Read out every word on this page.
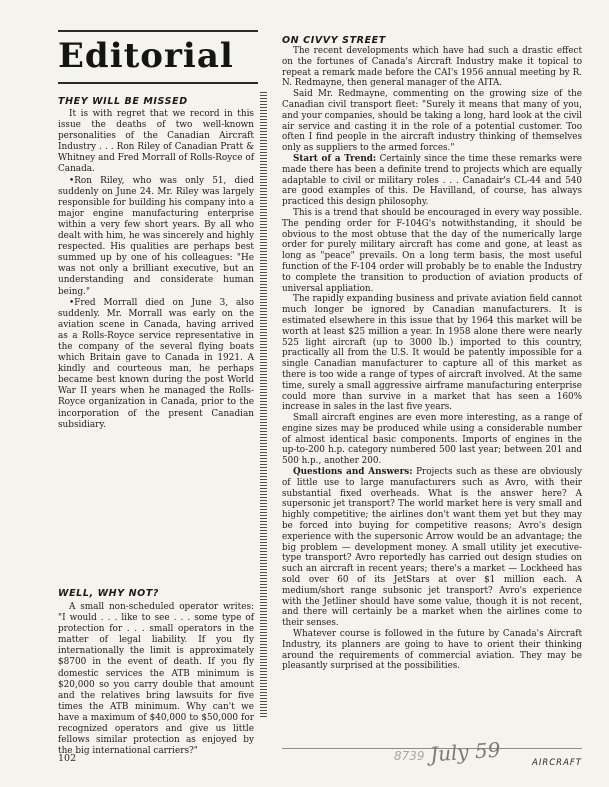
Editorial
THEY WILL BE MISSED

It is with regret that we record in this issue the deaths of two well-known personalities of the Canadian Aircraft Industry . . . Ron Riley of Canadian Pratt & Whitney and Fred Morrall of Rolls-Royce of Canada.

•Ron Riley, who was only 51, died suddenly on June 24. Mr. Riley was largely responsible for building his company into a major engine manufacturing enterprise within a very few short years. By all who dealt with him, he was sincerely and highly respected. His qualities are perhaps best summed up by one of his colleagues: "He was not only a brilliant executive, but an understanding and considerate human being."

•Fred Morrall died on June 3, also suddenly. Mr. Morrall was early on the aviation scene in Canada, having arrived as a Rolls-Royce service representative in the company of the several flying boats which Britain gave to Canada in 1921. A kindly and courteous man, he perhaps became best known during the post World War II years when he managed the Rolls-Royce organization in Canada, prior to the incorporation of the present Canadian subsidiary.

WELL, WHY NOT?

A small non-scheduled operator writes: "I would . . . like to see . . . some type of protection for . . . small operators in the matter of legal liability. If you fly internationally the limit is approximately $8700 in the event of death. If you fly domestic services the ATB minimum is $20,000 so you carry double that amount and the relatives bring lawsuits for five times the ATB minimum. Why can't we have a maximum of $40,000 to $50,000 for recognized operators and give us little fellows similar protection as enjoyed by the big international carriers?"

ON CIVVY STREET

The recent developments which have had such a drastic effect on the fortunes of Canada's Aircraft Industry make it topical to repeat a remark made before the CAI's 1956 annual meeting by R. N. Redmayne, then general manager of the AITA.

Said Mr. Redmayne, commenting on the growing size of the Canadian civil transport fleet: "Surely it means that many of you, and your companies, should be taking a long, hard look at the civil air service and casting it in the role of a potential customer. Too often I find people in the aircraft industry thinking of themselves only as suppliers to the armed forces."

Start of a Trend: Certainly since the time these remarks were made there has been a definite trend to projects which are equally adaptable to civil or military roles . . . Canadair's CL-44 and 540 are good examples of this. De Havilland, of course, has always practiced this design philosophy.

This is a trend that should be encouraged in every way possible. The pending order for F-104G's notwithstanding, it should be obvious to the most obtuse that the day of the numerically large order for purely military aircraft has come and gone, at least as long as "peace" prevails. On a long term basis, the most useful function of the F-104 order will probably be to enable the Industry to complete the transition to production of aviation products of universal appliation.

The rapidly expanding business and private aviation field cannot much longer be ignored by Canadian manufacturers. It is estimated elsewhere in this issue that by 1964 this market will be worth at least $25 million a year. In 1958 alone there were nearly 525 light aircraft (up to 3000 lb.) imported to this country, practically all from the U.S. It would be patently impossible for a single Canadian manufacturer to capture all of this market as there is too wide a range of types of aircraft involved. At the same time, surely a small aggressive airframe manufacturing enterprise could more than survive in a market that has seen a 160% increase in sales in the last five years.

Small aircraft engines are even more interesting, as a range of engine sizes may be produced while using a considerable number of almost identical basic components. Imports of engines in the up-to-200 h.p. category numbered 500 last year; between 201 and 500 h.p., another 200.

Questions and Answers: Projects such as these are obviously of little use to large manufacturers such as Avro, with their substantial fixed overheads. What is the answer here? A supersonic jet transport? The world market here is very small and highly competitive; the airlines don't want them yet but they may be forced into buying for competitive reasons; Avro's design experience with the supersonic Arrow would be an advantage; the big problem — development money. A small utility jet executive-type transport? Avro reportedly has carried out design studies on such an aircraft in recent years; there's a market — Lockheed has sold over 60 of its JetStars at over $1 million each. A medium/short range subsonic jet transport? Avro's experience with the Jetliner should have some value, though it is not recent, and there will certainly be a market when the airlines come to their senses.

Whatever course is followed in the future by Canada's Aircraft Industry, its planners are going to have to orient their thinking around the requirements of commercial aviation. They may be pleasantly surprised at the possibilities.

102	8739 July 59	AIRCRAFT
